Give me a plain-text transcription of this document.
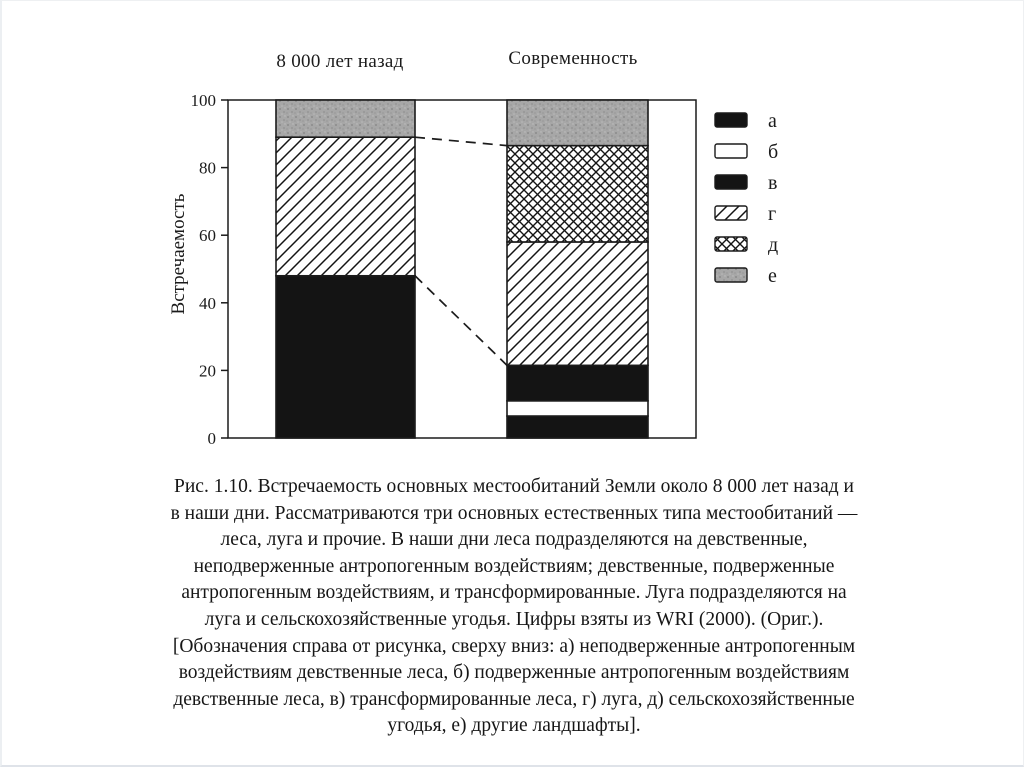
8 000 лет назад	Современность
Встречаемость
0
20
40
60
80
100
а
б
в
г
д
е
Рис. 1.10. Встречаемость основных местообитаний Земли около 8 000 лет назад и
в наши дни. Рассматриваются три основных естественных типа местообитаний —
леса, луга и прочие. В наши дни леса подразделяются на девственные,
неподверженные антропогенным воздействиям; девственные, подверженные
антропогенным воздействиям, и трансформированные. Луга подразделяются на
луга и сельскохозяйственные угодья. Цифры взяты из WRI (2000). (Ориг.).
[Обозначения справа от рисунка, сверху вниз: а) неподверженные антропогенным
воздействиям девственные леса, б) подверженные антропогенным воздействиям
девственные леса, в) трансформированные леса, г) луга, д) сельскохозяйственные
угодья, е) другие ландшафты].
